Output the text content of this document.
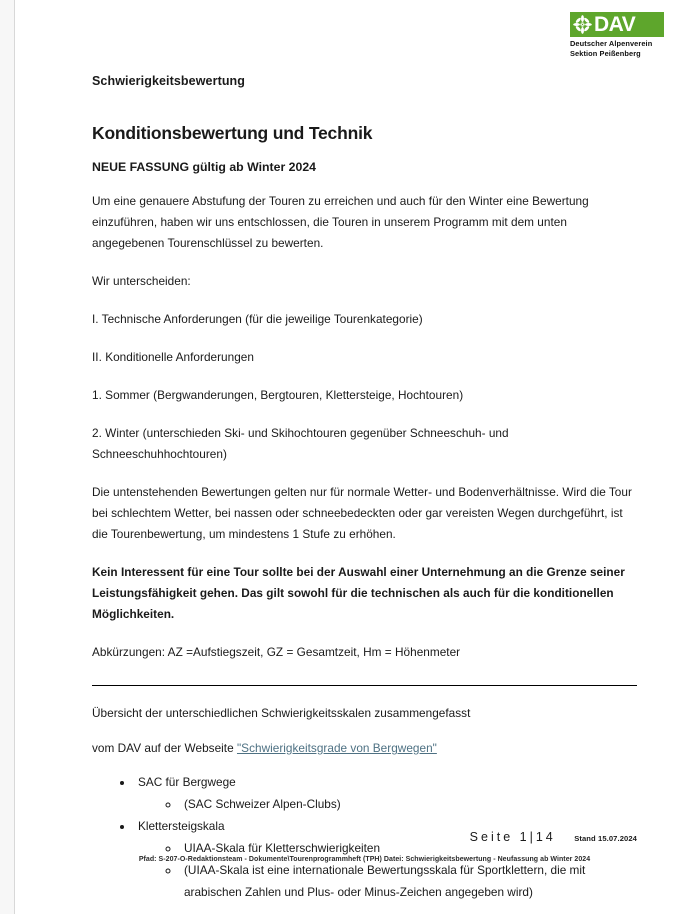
DAV
Deutscher Alpenverein
Sektion Peißenberg
Schwierigkeitsbewertung
Konditionsbewertung und Technik
NEUE FASSUNG gültig ab Winter 2024

Um eine genauere Abstufung der Touren zu erreichen und auch für den Winter eine Bewertung einzuführen, haben wir uns entschlossen, die Touren in unserem Programm mit dem unten angegebenen Tourenschlüssel zu bewerten.

Wir unterscheiden:

I. Technische Anforderungen (für die jeweilige Tourenkategorie)

II. Konditionelle Anforderungen

1. Sommer (Bergwanderungen, Bergtouren, Klettersteige, Hochtouren)

2. Winter (unterschieden Ski- und Skihochtouren gegenüber Schneeschuh- und Schneeschuhhochtouren)

Die untenstehenden Bewertungen gelten nur für normale Wetter- und Bodenverhältnisse. Wird die Tour bei schlechtem Wetter, bei nassen oder schneebedeckten oder gar vereisten Wegen durchgeführt, ist die Tourenbewertung, um mindestens 1 Stufe zu erhöhen.

Kein Interessent für eine Tour sollte bei der Auswahl einer Unternehmung an die Grenze seiner Leistungsfähigkeit gehen. Das gilt sowohl für die technischen als auch für die konditionellen Möglichkeiten.

Abkürzungen: AZ =Aufstiegszeit, GZ = Gesamtzeit, Hm = Höhenmeter

Übersicht der unterschiedlichen Schwierigkeitsskalen zusammengefasst

vom DAV auf der Webseite "Schwierigkeitsgrade von Bergwegen"

• SAC für Bergwege
◦ (SAC Schweizer Alpen-Clubs)
• Klettersteigskala
◦ UIAA-Skala für Kletterschwierigkeiten
◦ (UIAA-Skala ist eine internationale Bewertungsskala für Sportklettern, die mit arabischen Zahlen und Plus- oder Minus-Zeichen angegeben wird)
Seite 1|14 Stand 15.07.2024
Pfad: S-207-O-Redaktionsteam - Dokumente\Tourenprogrammheft (TPH) Datei: Schwierigkeitsbewertung - Neufassung ab Winter 2024
